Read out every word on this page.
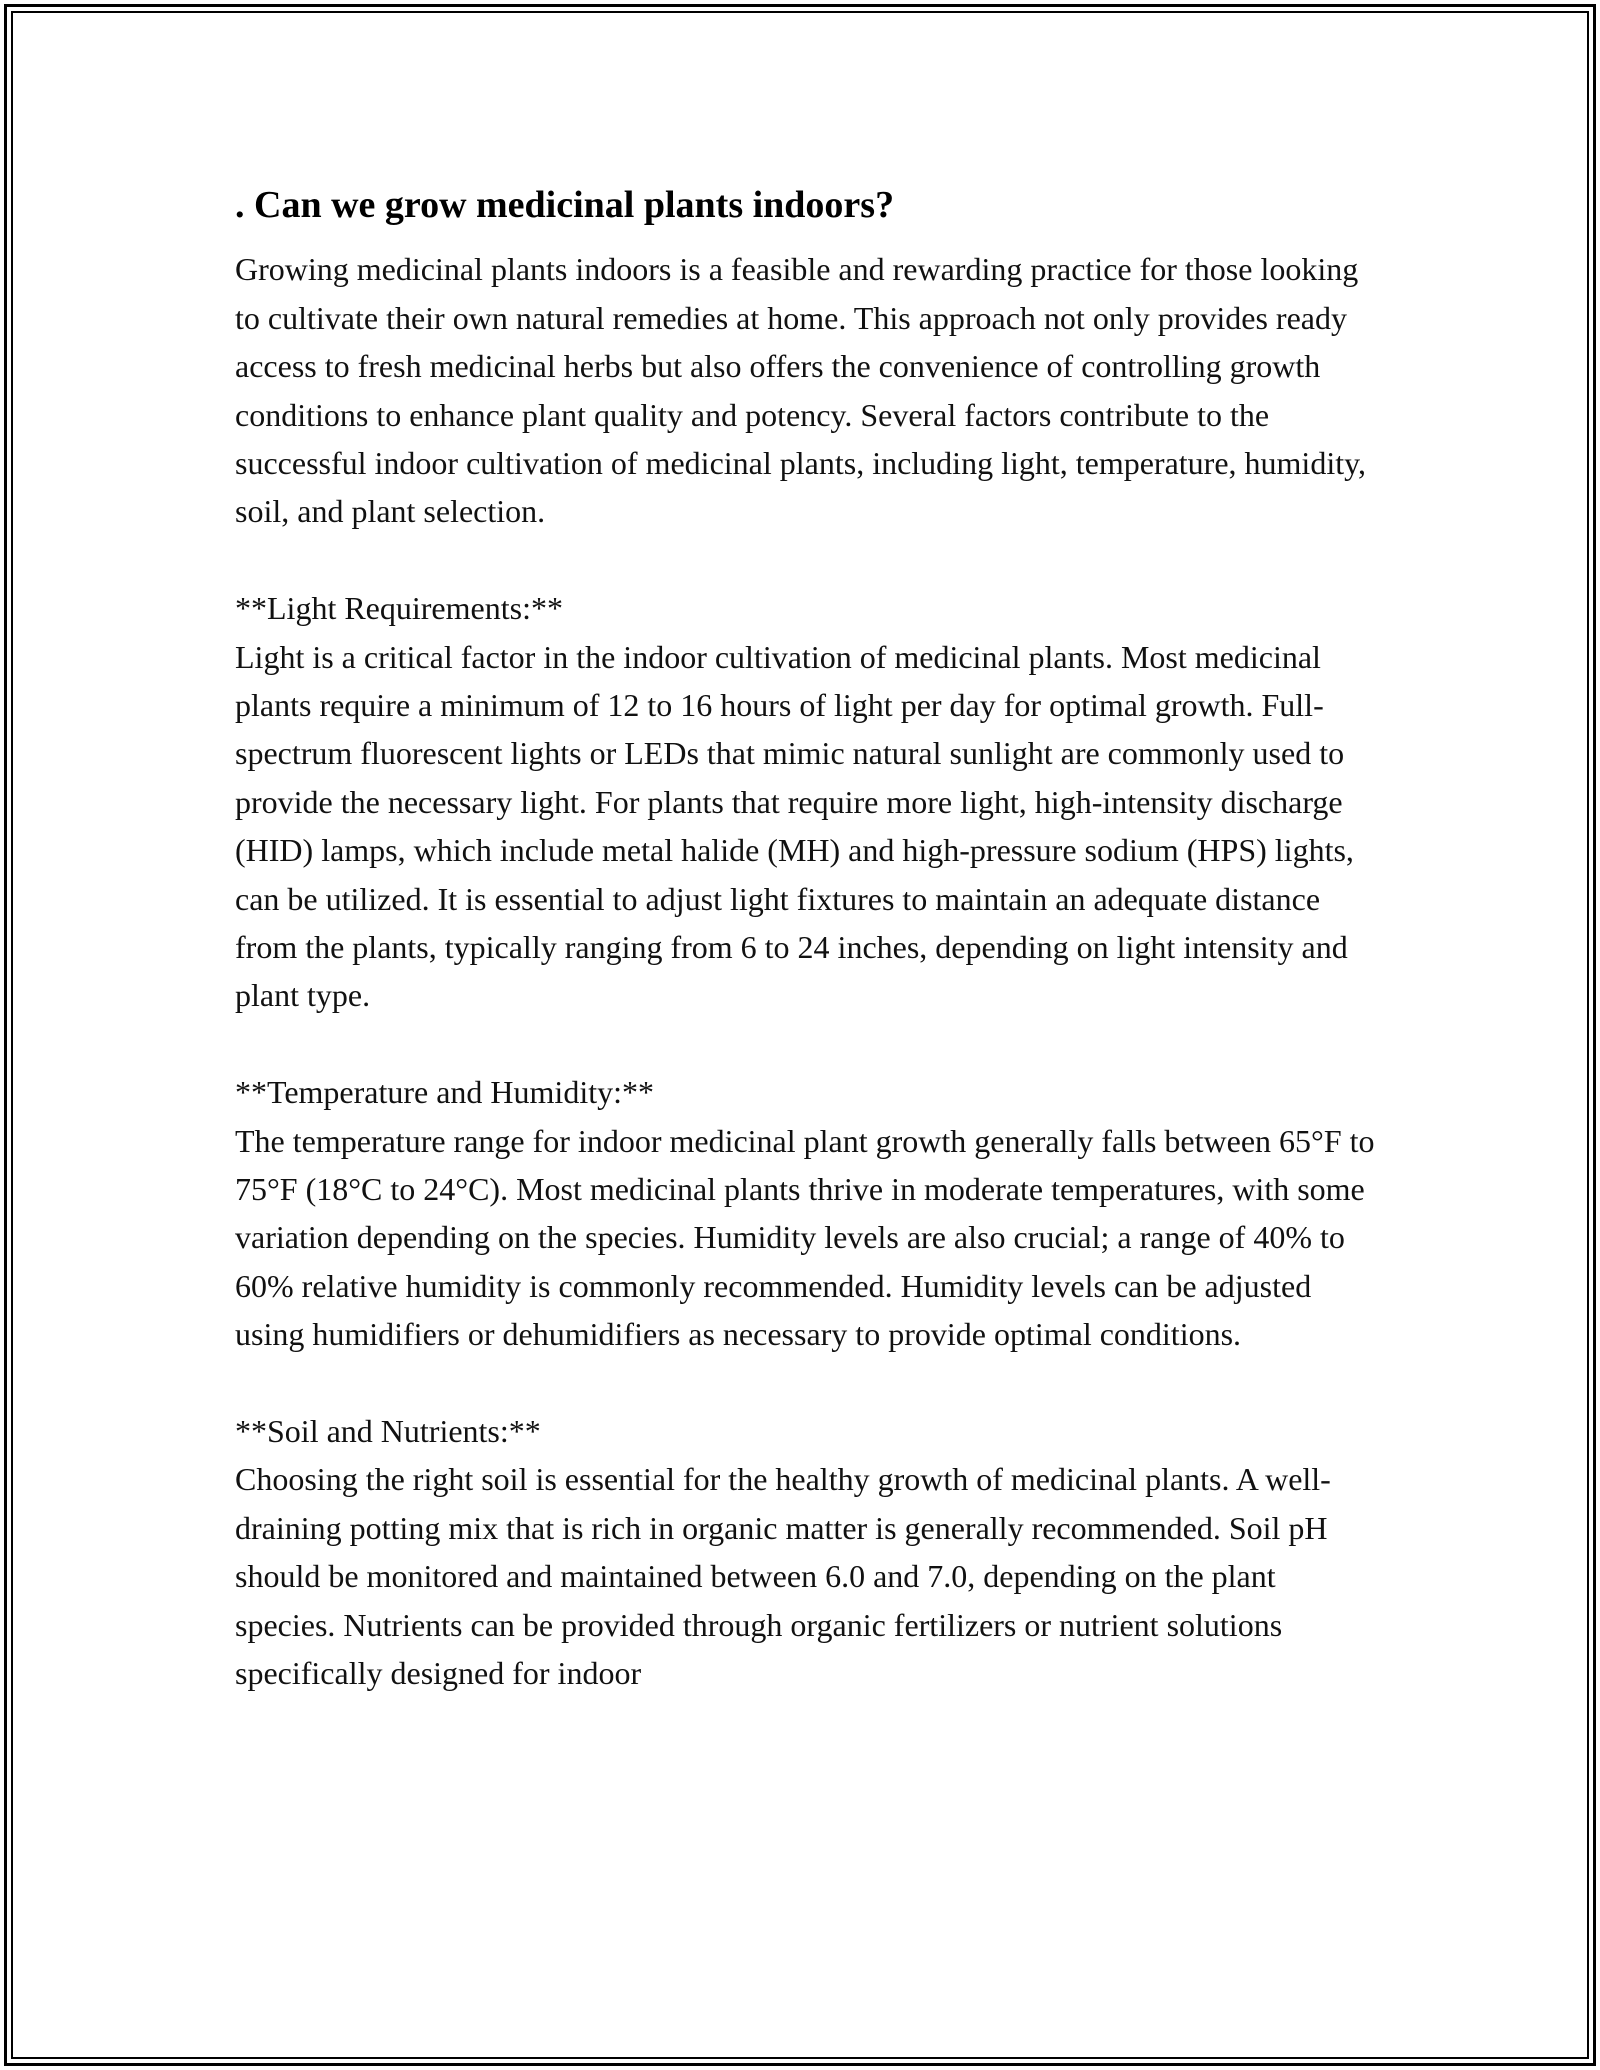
. Can we grow medicinal plants indoors?

Growing medicinal plants indoors is a feasible and rewarding practice for those looking to cultivate their own natural remedies at home. This approach not only provides ready access to fresh medicinal herbs but also offers the convenience of controlling growth conditions to enhance plant quality and potency. Several factors contribute to the successful indoor cultivation of medicinal plants, including light, temperature, humidity, soil, and plant selection.

**Light Requirements:**

Light is a critical factor in the indoor cultivation of medicinal plants. Most medicinal plants require a minimum of 12 to 16 hours of light per day for optimal growth. Full-spectrum fluorescent lights or LEDs that mimic natural sunlight are commonly used to provide the necessary light. For plants that require more light, high-intensity discharge (HID) lamps, which include metal halide (MH) and high-pressure sodium (HPS) lights, can be utilized. It is essential to adjust light fixtures to maintain an adequate distance from the plants, typically ranging from 6 to 24 inches, depending on light intensity and plant type.

**Temperature and Humidity:**

The temperature range for indoor medicinal plant growth generally falls between 65°F to 75°F (18°C to 24°C). Most medicinal plants thrive in moderate temperatures, with some variation depending on the species. Humidity levels are also crucial; a range of 40% to 60% relative humidity is commonly recommended. Humidity levels can be adjusted using humidifiers or dehumidifiers as necessary to provide optimal conditions.

**Soil and Nutrients:**

Choosing the right soil is essential for the healthy growth of medicinal plants. A well-draining potting mix that is rich in organic matter is generally recommended. Soil pH should be monitored and maintained between 6.0 and 7.0, depending on the plant species. Nutrients can be provided through organic fertilizers or nutrient solutions specifically designed for indoor
